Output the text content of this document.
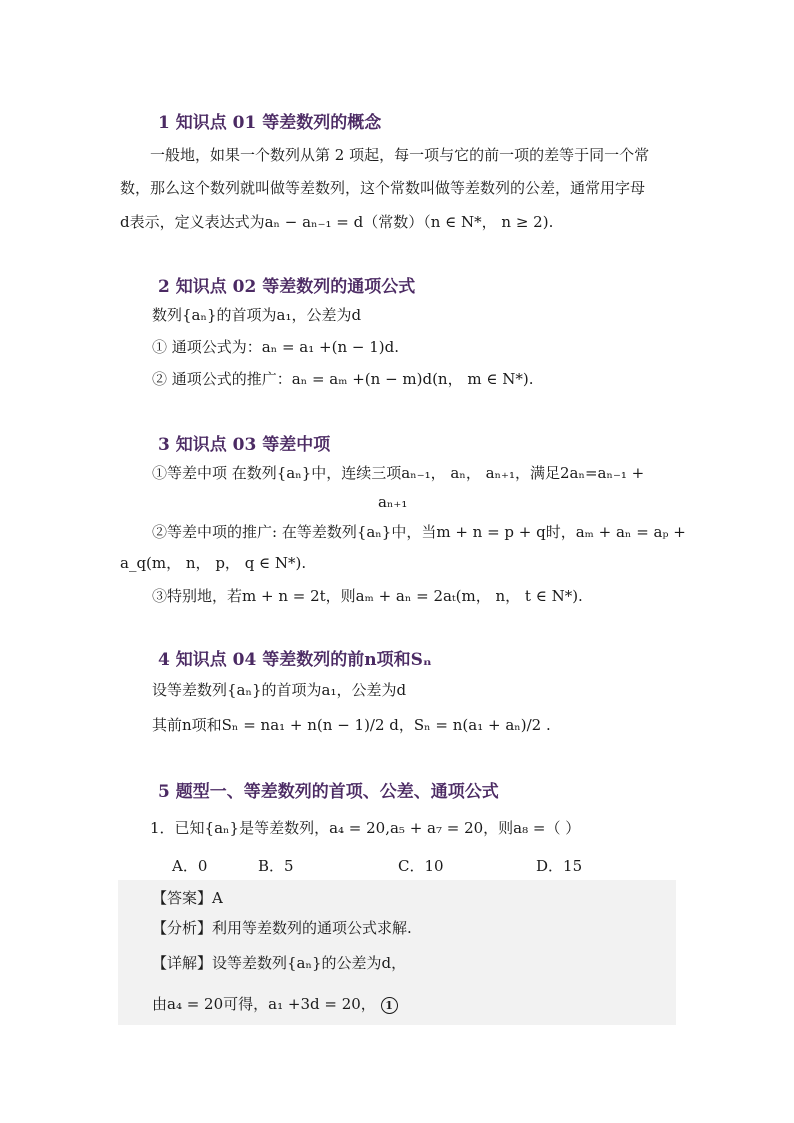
1 知识点 01 等差数列的概念
一般地，如果一个数列从第 2 项起，每一项与它的前一项的差等于同一个常
数，那么这个数列就叫做等差数列，这个常数叫做等差数列的公差，通常用字母
d表示，定义表达式为aₙ − aₙ₋₁ = d（常数）（n ∈ N*， n ≥ 2).
2 知识点 02 等差数列的通项公式
数列{aₙ}的首项为a₁，公差为d
① 通项公式为：aₙ = a₁ +(n − 1)d.
② 通项公式的推广：aₙ = aₘ +(n − m)d(n， m ∈ N*).
3 知识点 03 等差中项
①等差中项 在数列{aₙ}中，连续三项aₙ₋₁， aₙ， aₙ₊₁，满足2aₙ=aₙ₋₁ +
aₙ₊₁
②等差中项的推广: 在等差数列{aₙ}中，当m + n = p + q时，aₘ + aₙ = aₚ +
a_q(m， n， p， q ∈ N*).
③特别地，若m + n = 2t，则aₘ + aₙ = 2aₜ(m， n， t ∈ N*).
4 知识点 04 等差数列的前n项和Sₙ
设等差数列{aₙ}的首项为a₁，公差为d
其前n项和Sₙ = na₁ + n(n − 1)/2 d，Sₙ = n(a₁ + aₙ)/2 .
5 题型一、等差数列的首项、公差、通项公式
1．已知{aₙ}是等差数列，a₄ = 20,a₅ + a₇ = 20，则a₈ =（ ）
A．0	B．5	C．10	D．15
【答案】A
【分析】利用等差数列的通项公式求解.
【详解】设等差数列{aₙ}的公差为d，
由a₄ = 20可得，a₁ +3d = 20， 1
